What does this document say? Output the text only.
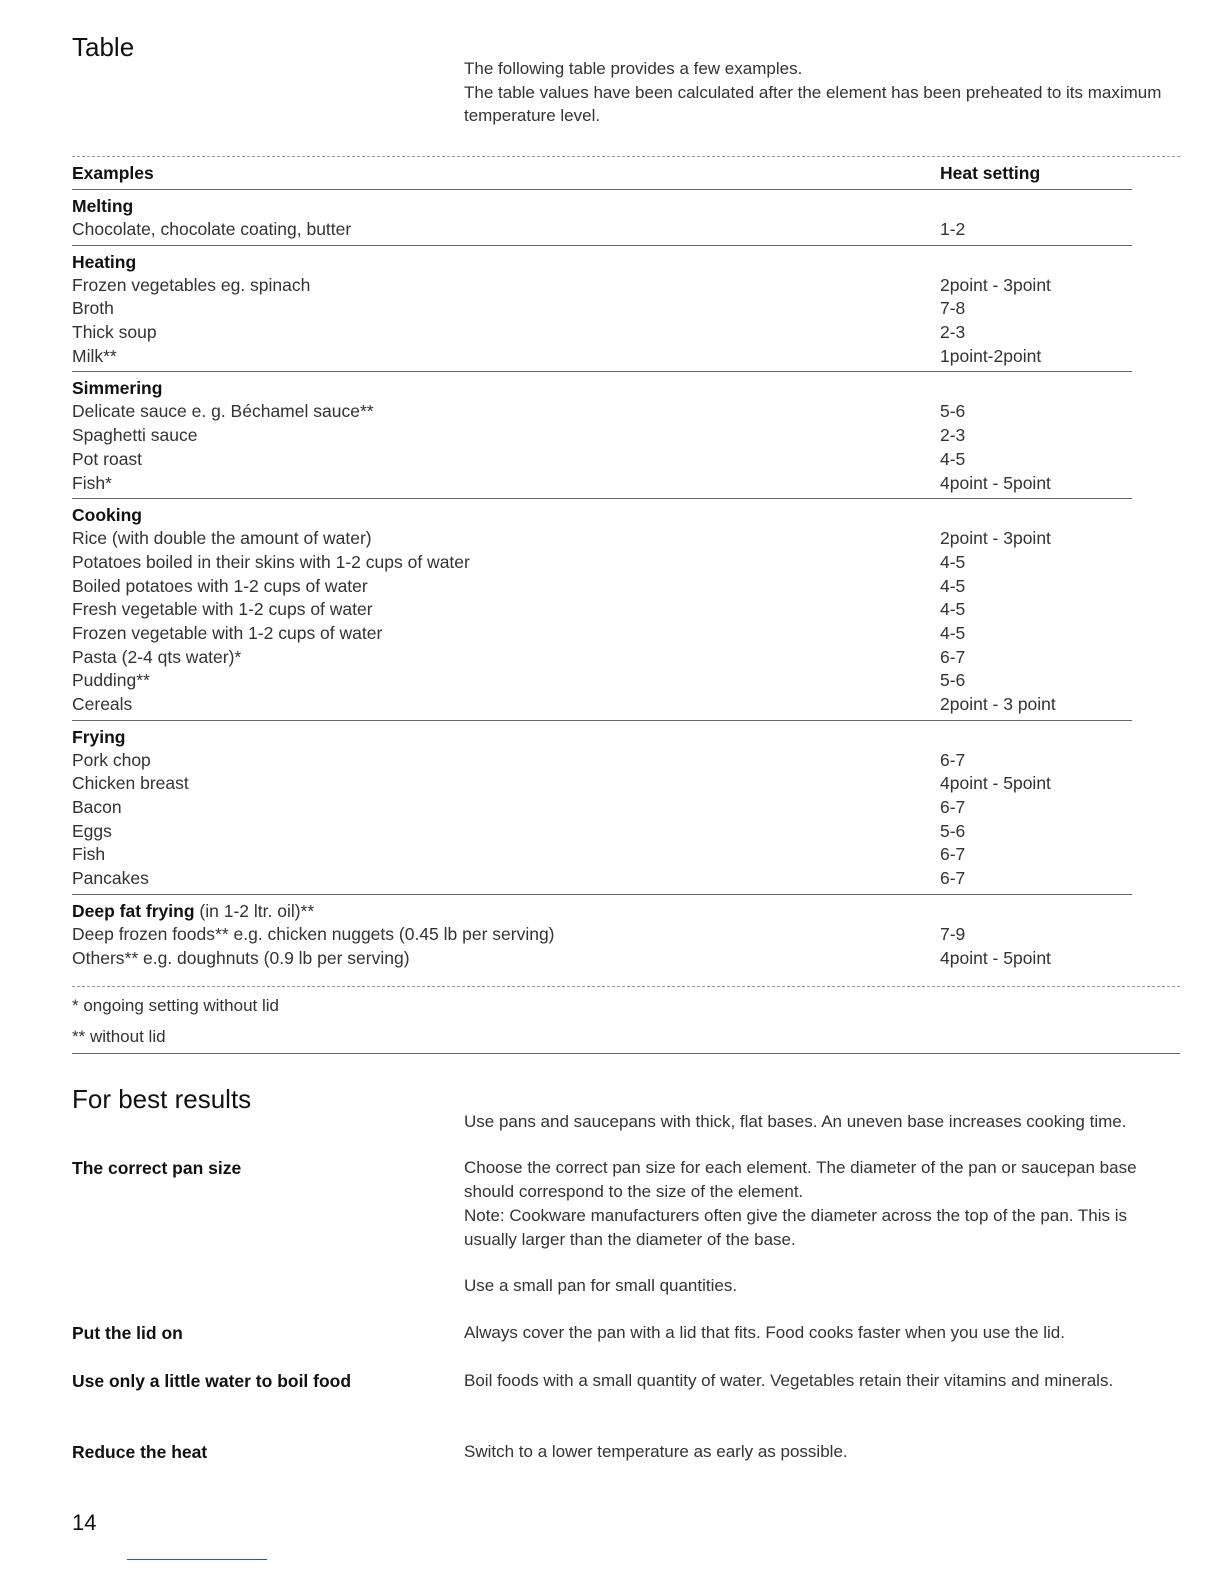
Table

The following table provides a few examples.

The table values have been calculated after the element has been preheated to its maximum temperature level.

Examples	Heat setting
Melting
Chocolate, chocolate coating, butter	1-2
Heating
Frozen vegetables eg. spinach	2point - 3point
Broth	7-8
Thick soup	2-3
Milk**	1point-2point
Simmering
Delicate sauce e. g. Béchamel sauce**	5-6
Spaghetti sauce	2-3
Pot roast	4-5
Fish*	4point - 5point
Cooking
Rice (with double the amount of water)	2point - 3point
Potatoes boiled in their skins with 1-2 cups of water	4-5
Boiled potatoes with 1-2 cups of water	4-5
Fresh vegetable with 1-2 cups of water	4-5
Frozen vegetable with 1-2 cups of water	4-5
Pasta (2-4 qts water)*	6-7
Pudding**	5-6
Cereals	2point - 3 point
Frying
Pork chop	6-7
Chicken breast	4point - 5point
Bacon	6-7
Eggs	5-6
Fish	6-7
Pancakes	6-7
Deep fat frying (in 1-2 ltr. oil)**
Deep frozen foods** e.g. chicken nuggets (0.45 lb per serving)	7-9
Others** e.g. doughnuts (0.9 lb per serving)	4point - 5point
* ongoing setting without lid
** without lid
For best results
Use pans and saucepans with thick, flat bases. An uneven base increases cooking time.
The correct pan size	Choose the correct pan size for each element. The diameter of the pan or saucepan base should correspond to the size of the element.

Note: Cookware manufacturers often give the diameter across the top of the pan. This is usually larger than the diameter of the base.

Use a small pan for small quantities.

Put the lid on	Always cover the pan with a lid that fits. Food cooks faster when you use the lid.

Use only a little water to boil food	Boil foods with a small quantity of water. Vegetables retain their vitamins and minerals.

Reduce the heat	Switch to a lower temperature as early as possible.

14
